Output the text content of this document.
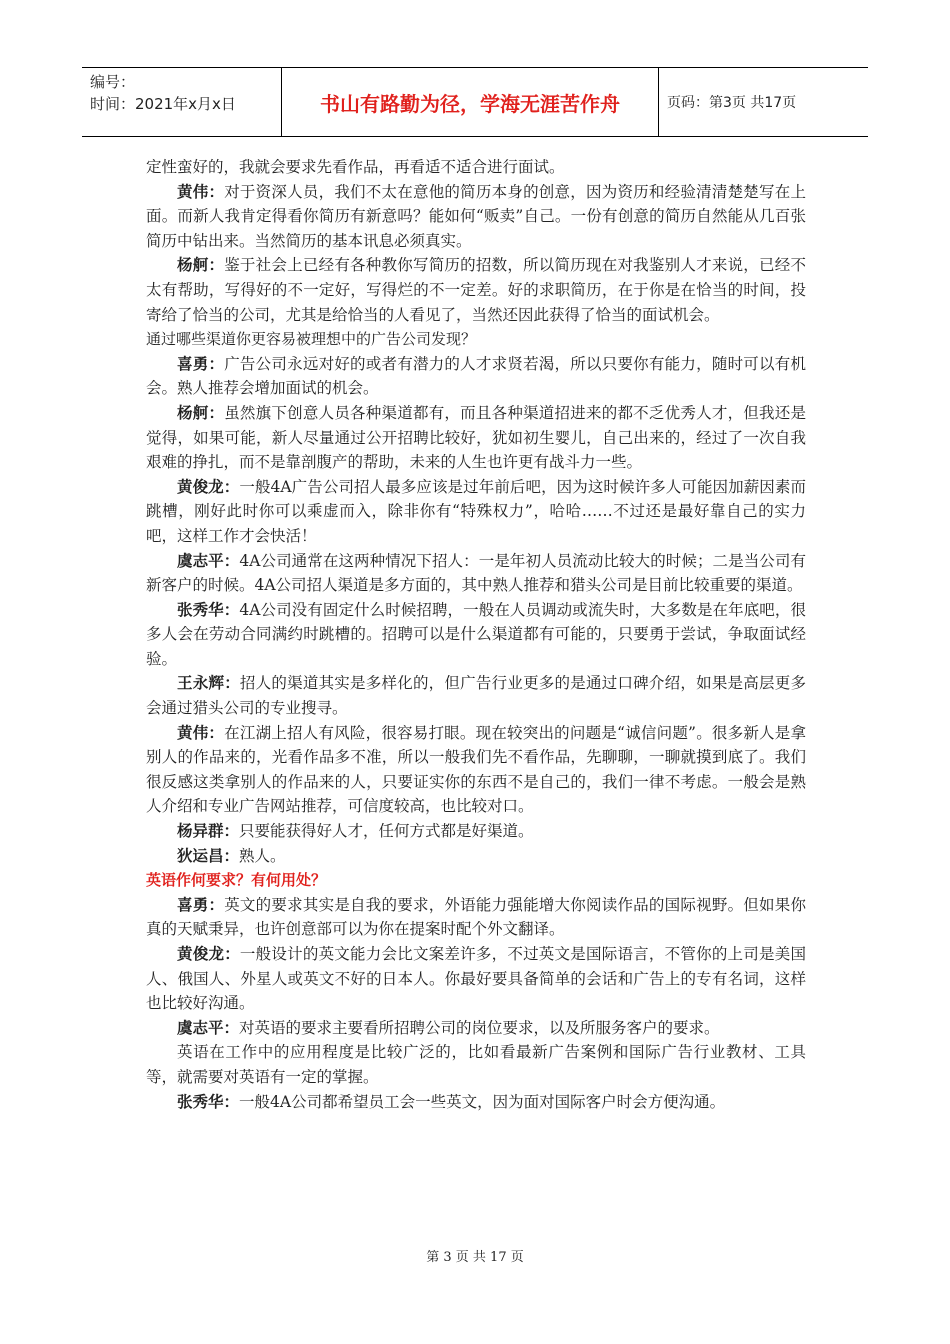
编号：
时间：2021年x月x日	书山有路勤为径，学海无涯苦作舟	页码：第3页 共17页

定性蛮好的，我就会要求先看作品，再看适不适合进行面试。

黄伟：对于资深人员，我们不太在意他的简历本身的创意，因为资历和经验清清楚楚写在上面。而新人我肯定得看你简历有新意吗？能如何“贩卖”自己。一份有创意的简历自然能从几百张简历中钻出来。当然简历的基本讯息必须真实。

杨舸：鉴于社会上已经有各种教你写简历的招数，所以简历现在对我鉴别人才来说，已经不太有帮助，写得好的不一定好，写得烂的不一定差。好的求职简历，在于你是在恰当的时间，投寄给了恰当的公司，尤其是给恰当的人看见了，当然还因此获得了恰当的面试机会。

通过哪些渠道你更容易被理想中的广告公司发现？

喜勇：广告公司永远对好的或者有潜力的人才求贤若渴，所以只要你有能力，随时可以有机会。熟人推荐会增加面试的机会。

杨舸：虽然旗下创意人员各种渠道都有，而且各种渠道招进来的都不乏优秀人才，但我还是觉得，如果可能，新人尽量通过公开招聘比较好，犹如初生婴儿，自己出来的，经过了一次自我艰难的挣扎，而不是靠剖腹产的帮助，未来的人生也许更有战斗力一些。

黄俊龙：一般4A广告公司招人最多应该是过年前后吧，因为这时候许多人可能因加薪因素而跳槽，刚好此时你可以乘虚而入，除非你有“特殊权力”，哈哈……不过还是最好靠自己的实力吧，这样工作才会快活！

虞志平：4A公司通常在这两种情况下招人：一是年初人员流动比较大的时候；二是当公司有新客户的时候。4A公司招人渠道是多方面的，其中熟人推荐和猎头公司是目前比较重要的渠道。

张秀华：4A公司没有固定什么时候招聘，一般在人员调动或流失时，大多数是在年底吧，很多人会在劳动合同满约时跳槽的。招聘可以是什么渠道都有可能的，只要勇于尝试，争取面试经验。

王永辉：招人的渠道其实是多样化的，但广告行业更多的是通过口碑介绍，如果是高层更多会通过猎头公司的专业搜寻。

黄伟：在江湖上招人有风险，很容易打眼。现在较突出的问题是“诚信问题”。很多新人是拿别人的作品来的，光看作品多不准，所以一般我们先不看作品，先聊聊，一聊就摸到底了。我们很反感这类拿别人的作品来的人，只要证实你的东西不是自己的，我们一律不考虑。一般会是熟人介绍和专业广告网站推荐，可信度较高，也比较对口。

杨异群：只要能获得好人才，任何方式都是好渠道。

狄运昌：熟人。

英语作何要求？有何用处？

喜勇：英文的要求其实是自我的要求，外语能力强能增大你阅读作品的国际视野。但如果你真的天赋秉异，也许创意部可以为你在提案时配个外文翻译。

黄俊龙：一般设计的英文能力会比文案差许多，不过英文是国际语言，不管你的上司是美国人、俄国人、外星人或英文不好的日本人。你最好要具备简单的会话和广告上的专有名词，这样也比较好沟通。

虞志平：对英语的要求主要看所招聘公司的岗位要求，以及所服务客户的要求。

英语在工作中的应用程度是比较广泛的，比如看最新广告案例和国际广告行业教材、工具等，就需要对英语有一定的掌握。

张秀华：一般4A公司都希望员工会一些英文，因为面对国际客户时会方便沟通。

第 3 页 共 17 页
